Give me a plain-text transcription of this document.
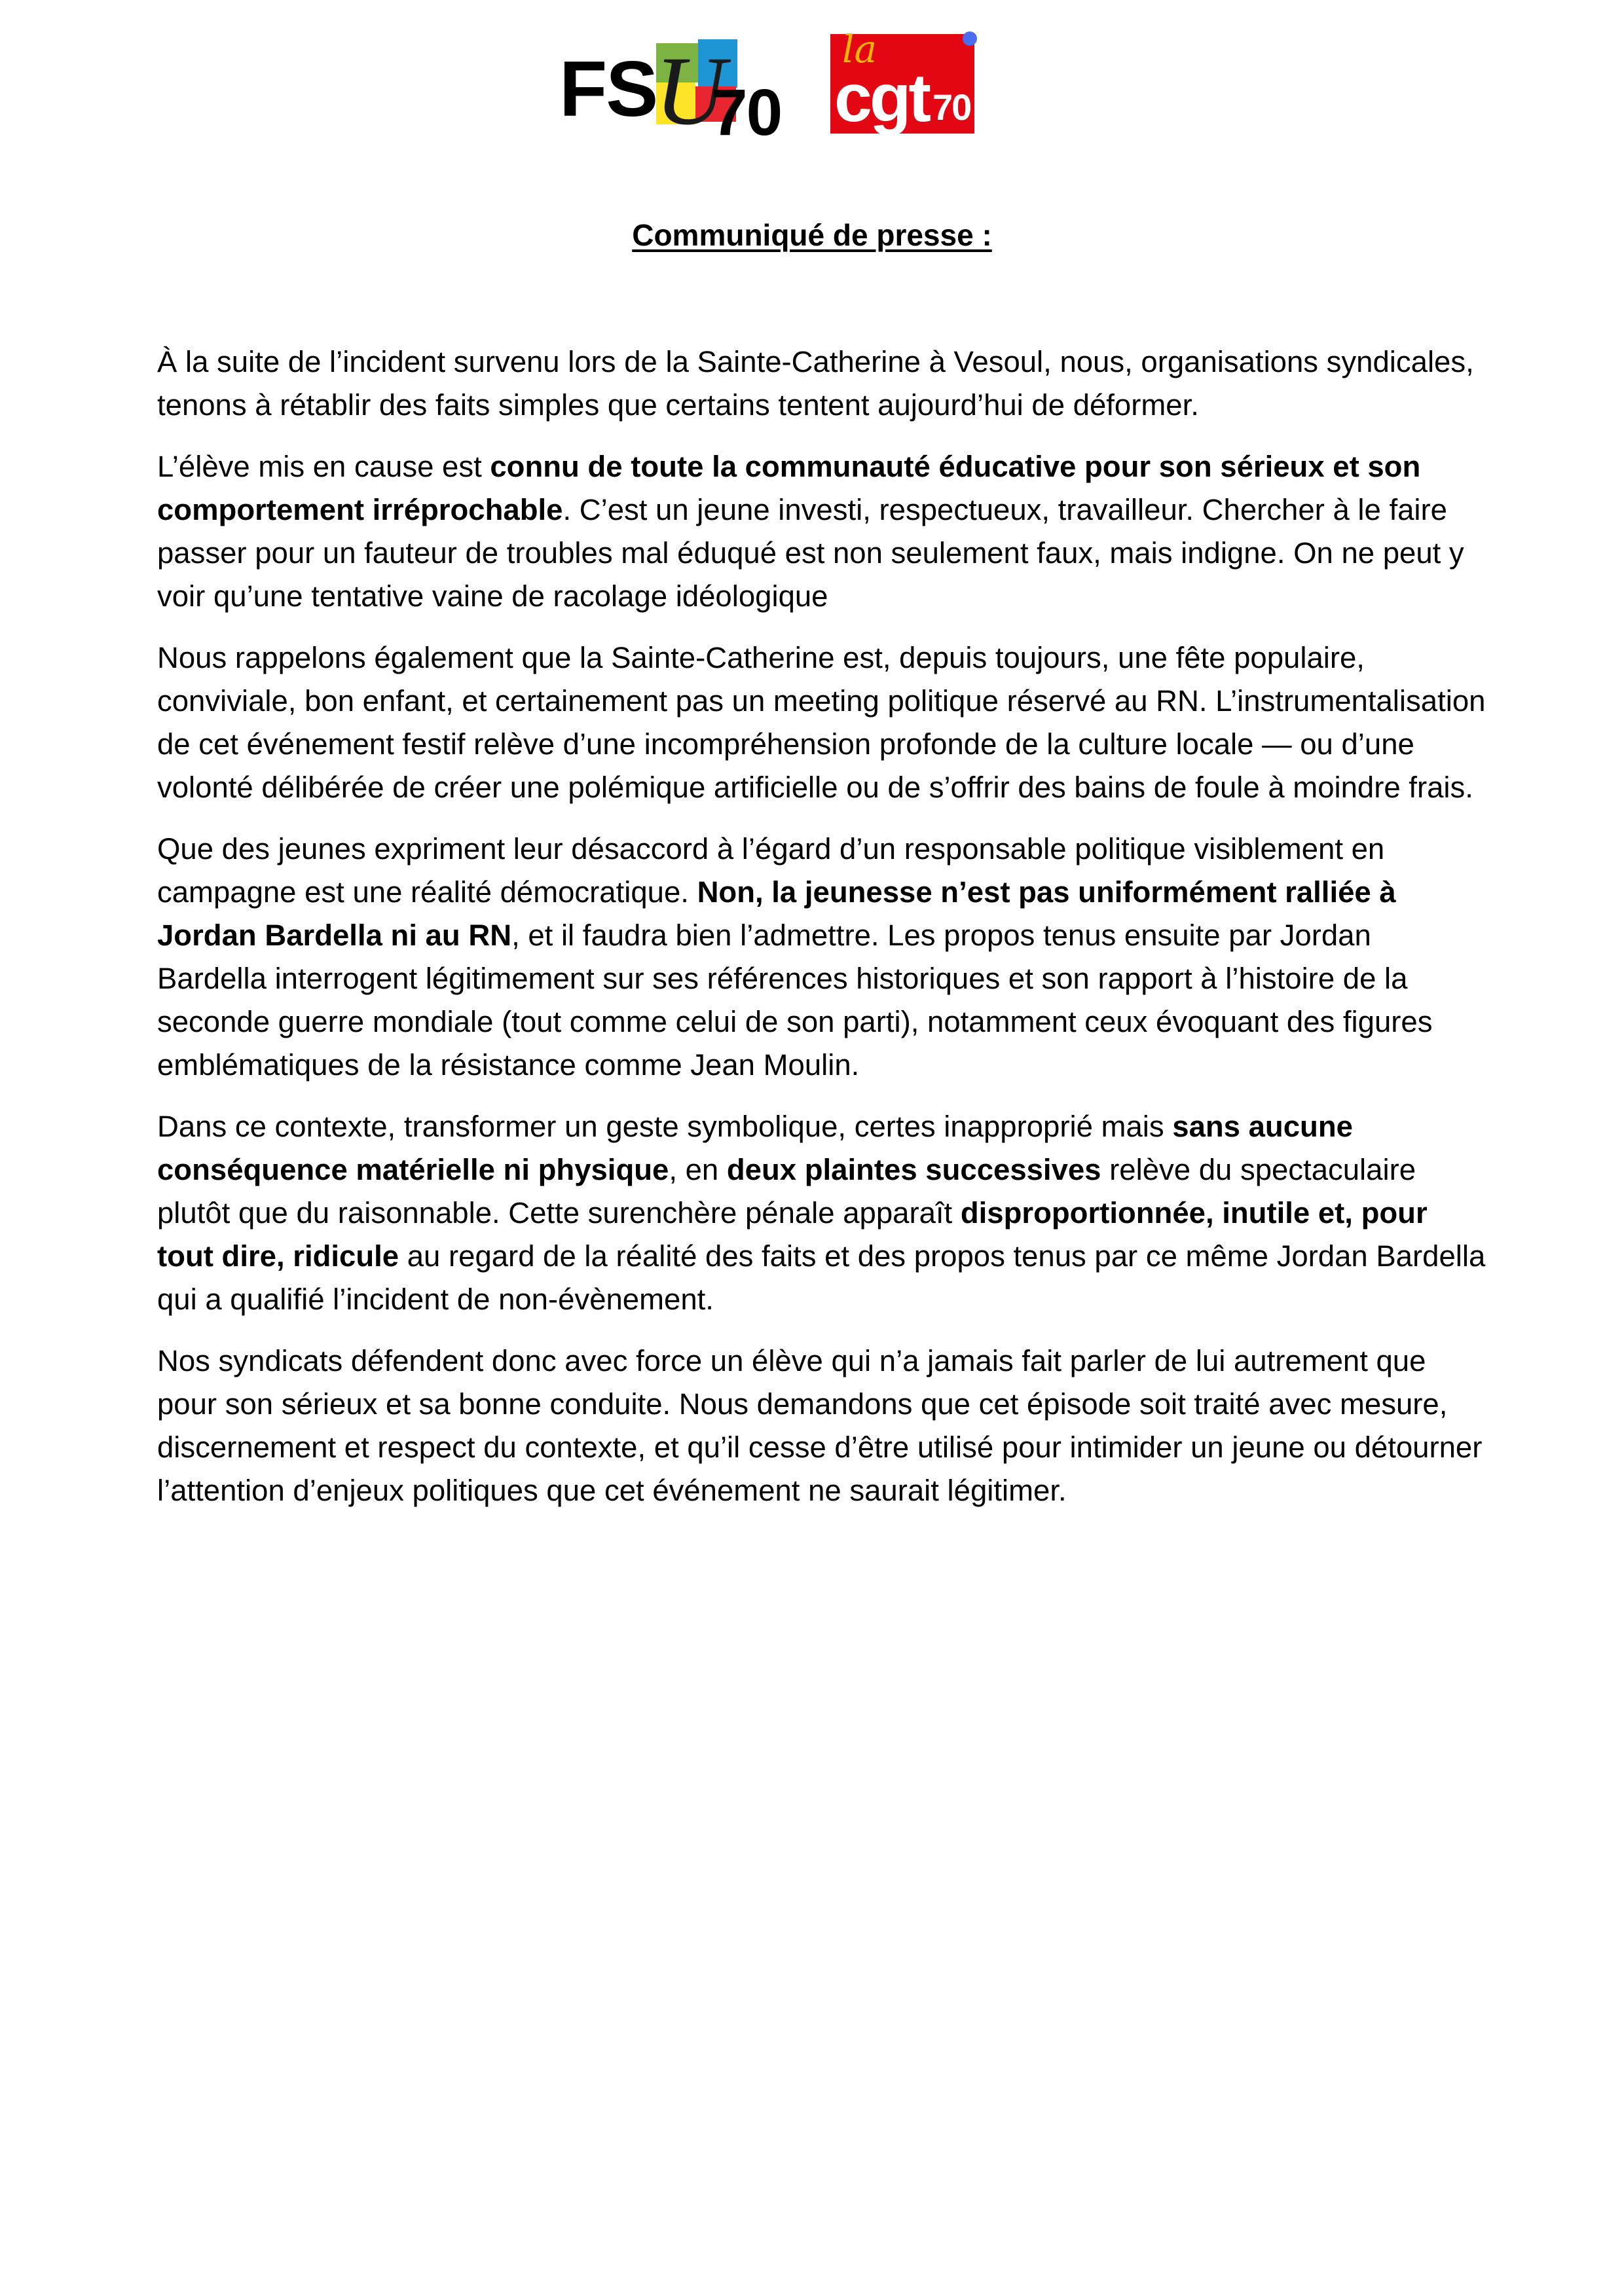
FS
U
70
la
cgt 70
Communiqué de presse :

À la suite de l’incident survenu lors de la Sainte-Catherine à Vesoul, nous, organisations syndicales, tenons à rétablir des faits simples que certains tentent aujourd’hui de déformer.

L’élève mis en cause est connu de toute la communauté éducative pour son sérieux et son comportement irréprochable. C’est un jeune investi, respectueux, travailleur. Chercher à le faire passer pour un fauteur de troubles mal éduqué est non seulement faux, mais indigne. On ne peut y voir qu’une tentative vaine de racolage idéologique

Nous rappelons également que la Sainte-Catherine est, depuis toujours, une fête populaire, conviviale, bon enfant, et certainement pas un meeting politique réservé au RN. L’instrumentalisation de cet événement festif relève d’une incompréhension profonde de la culture locale — ou d’une volonté délibérée de créer une polémique artificielle ou de s’offrir des bains de foule à moindre frais.

Que des jeunes expriment leur désaccord à l’égard d’un responsable politique visiblement en campagne est une réalité démocratique. Non, la jeunesse n’est pas uniformément ralliée à Jordan Bardella ni au RN, et il faudra bien l’admettre. Les propos tenus ensuite par Jordan Bardella interrogent légitimement sur ses références historiques et son rapport à l’histoire de la seconde guerre mondiale (tout comme celui de son parti), notamment ceux évoquant des figures emblématiques de la résistance comme Jean Moulin.

Dans ce contexte, transformer un geste symbolique, certes inapproprié mais sans aucune conséquence matérielle ni physique, en deux plaintes successives relève du spectaculaire plutôt que du raisonnable. Cette surenchère pénale apparaît disproportionnée, inutile et, pour tout dire, ridicule au regard de la réalité des faits et des propos tenus par ce même Jordan Bardella qui a qualifié l’incident de non-évènement.

Nos syndicats défendent donc avec force un élève qui n’a jamais fait parler de lui autrement que pour son sérieux et sa bonne conduite. Nous demandons que cet épisode soit traité avec mesure, discernement et respect du contexte, et qu’il cesse d’être utilisé pour intimider un jeune ou détourner l’attention d’enjeux politiques que cet événement ne saurait légitimer.
